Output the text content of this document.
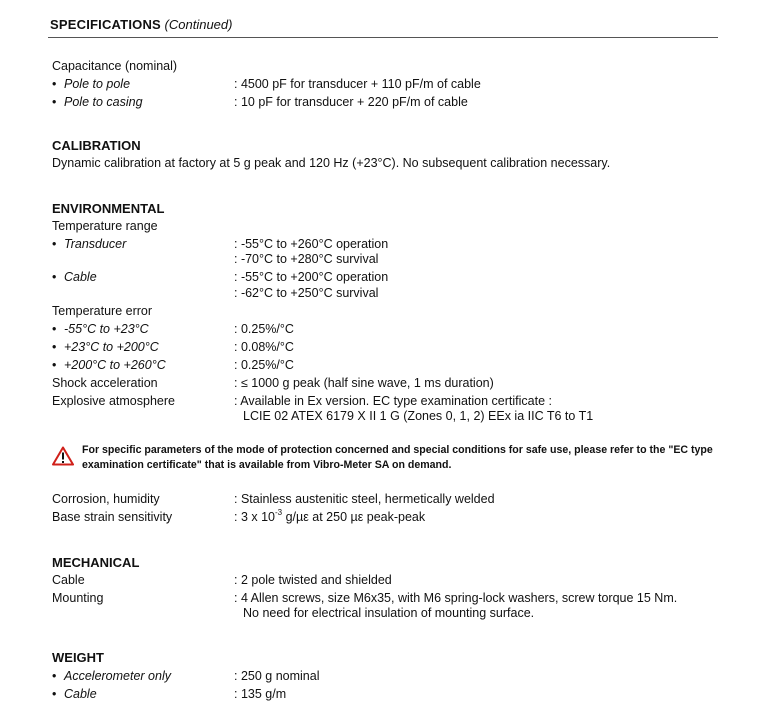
SPECIFICATIONS (Continued)
Capacitance (nominal)
• Pole to pole	: 4500 pF for transducer + 110 pF/m of cable
• Pole to casing	: 10 pF for transducer + 220 pF/m of cable
CALIBRATION
Dynamic calibration at factory at 5 g peak and 120 Hz (+23°C). No subsequent calibration necessary.
ENVIRONMENTAL
Temperature range
• Transducer	: -55°C to +260°C operation
: -70°C to +280°C survival
• Cable	: -55°C to +200°C operation
: -62°C to +250°C survival
Temperature error
• -55°C to +23°C	: 0.25%/°C
• +23°C to +200°C	: 0.08%/°C
• +200°C to +260°C	: 0.25%/°C
Shock acceleration	: ≤ 1000 g peak (half sine wave, 1 ms duration)
Explosive atmosphere	: Available in Ex version. EC type examination certificate :
LCIE 02 ATEX 6179 X II 1 G (Zones 0, 1, 2) EEx ia IIC T6 to T1
For specific parameters of the mode of protection concerned and special conditions for safe use, please refer to the "EC type
examination certificate" that is available from Vibro-Meter SA on demand.
Corrosion, humidity	: Stainless austenitic steel, hermetically welded
Base strain sensitivity	: 3 x $10^{-3}$ g/µε at 250 µε peak-peak
MECHANICAL
Cable	: 2 pole twisted and shielded
Mounting	: 4 Allen screws, size M6x35, with M6 spring-lock washers, screw torque 15 Nm.
No need for electrical insulation of mounting surface.
WEIGHT
• Accelerometer only	: 250 g nominal
• Cable	: 135 g/m
